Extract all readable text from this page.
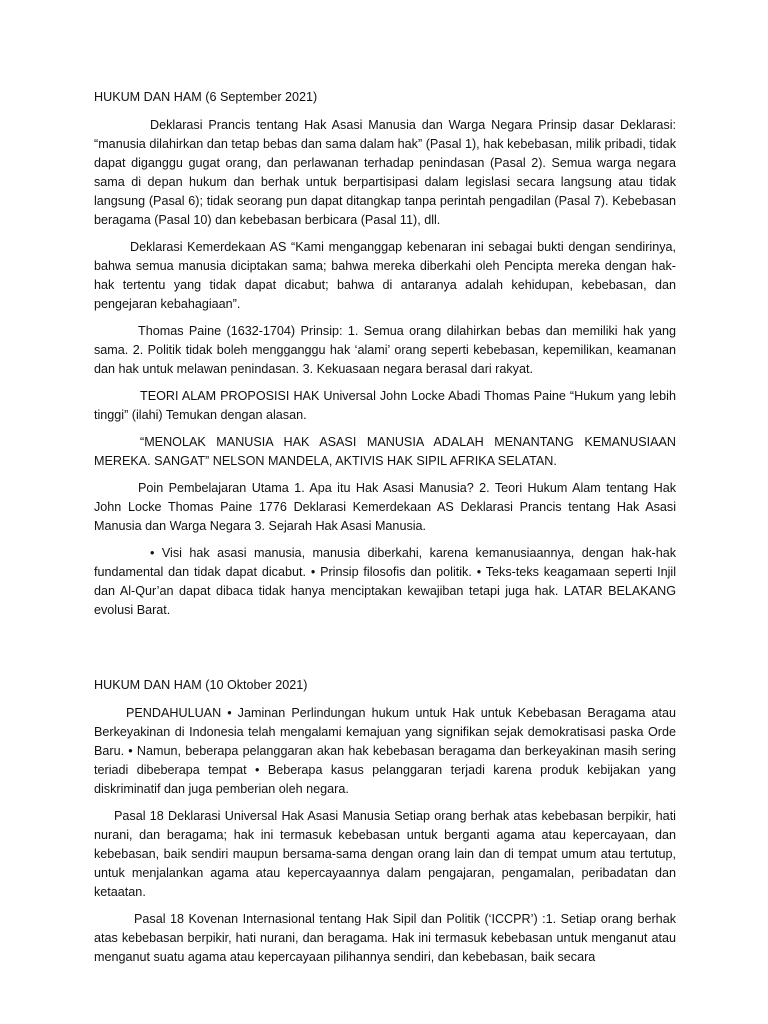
HUKUM DAN HAM (6 September 2021)

Deklarasi Prancis tentang Hak Asasi Manusia dan Warga Negara Prinsip dasar Deklarasi: “manusia dilahirkan dan tetap bebas dan sama dalam hak” (Pasal 1), hak kebebasan, milik pribadi, tidak dapat diganggu gugat orang, dan perlawanan terhadap penindasan (Pasal 2). Semua warga negara sama di depan hukum dan berhak untuk berpartisipasi dalam legislasi secara langsung atau tidak langsung (Pasal 6); tidak seorang pun dapat ditangkap tanpa perintah pengadilan (Pasal 7). Kebebasan beragama (Pasal 10) dan kebebasan berbicara (Pasal 11), dll.

Deklarasi Kemerdekaan AS “Kami menganggap kebenaran ini sebagai bukti dengan sendirinya, bahwa semua manusia diciptakan sama; bahwa mereka diberkahi oleh Pencipta mereka dengan hak-hak tertentu yang tidak dapat dicabut; bahwa di antaranya adalah kehidupan, kebebasan, dan pengejaran kebahagiaan”.

Thomas Paine (1632-1704) Prinsip: 1. Semua orang dilahirkan bebas dan memiliki hak yang sama. 2. Politik tidak boleh mengganggu hak ‘alami’ orang seperti kebebasan, kepemilikan, keamanan dan hak untuk melawan penindasan. 3. Kekuasaan negara berasal dari rakyat.

TEORI ALAM PROPOSISI HAK Universal John Locke Abadi Thomas Paine “Hukum yang lebih tinggi” (ilahi) Temukan dengan alasan.

“MENOLAK MANUSIA HAK ASASI MANUSIA ADALAH MENANTANG KEMANUSIAAN MEREKA. SANGAT” NELSON MANDELA, AKTIVIS HAK SIPIL AFRIKA SELATAN.

Poin Pembelajaran Utama 1. Apa itu Hak Asasi Manusia? 2. Teori Hukum Alam tentang Hak John Locke Thomas Paine 1776 Deklarasi Kemerdekaan AS Deklarasi Prancis tentang Hak Asasi Manusia dan Warga Negara 3. Sejarah Hak Asasi Manusia.

• Visi hak asasi manusia, manusia diberkahi, karena kemanusiaannya, dengan hak-hak fundamental dan tidak dapat dicabut. • Prinsip filosofis dan politik. • Teks-teks keagamaan seperti Injil dan Al-Qur’an dapat dibaca tidak hanya menciptakan kewajiban tetapi juga hak. LATAR BELAKANG evolusi Barat.

HUKUM DAN HAM (10 Oktober 2021)

PENDAHULUAN • Jaminan Perlindungan hukum untuk Hak untuk Kebebasan Beragama atau Berkeyakinan di Indonesia telah mengalami kemajuan yang signifikan sejak demokratisasi paska Orde Baru. • Namun, beberapa pelanggaran akan hak kebebasan beragama dan berkeyakinan masih sering teriadi dibeberapa tempat • Beberapa kasus pelanggaran terjadi karena produk kebijakan yang diskriminatif dan juga pemberian oleh negara.

Pasal 18 Deklarasi Universal Hak Asasi Manusia Setiap orang berhak atas kebebasan berpikir, hati nurani, dan beragama; hak ini termasuk kebebasan untuk berganti agama atau kepercayaan, dan kebebasan, baik sendiri maupun bersama-sama dengan orang lain dan di tempat umum atau tertutup, untuk menjalankan agama atau kepercayaannya dalam pengajaran, pengamalan, peribadatan dan ketaatan.

Pasal 18 Kovenan Internasional tentang Hak Sipil dan Politik (‘ICCPR’) :1. Setiap orang berhak atas kebebasan berpikir, hati nurani, dan beragama. Hak ini termasuk kebebasan untuk menganut atau menganut suatu agama atau kepercayaan pilihannya sendiri, dan kebebasan, baik secara
